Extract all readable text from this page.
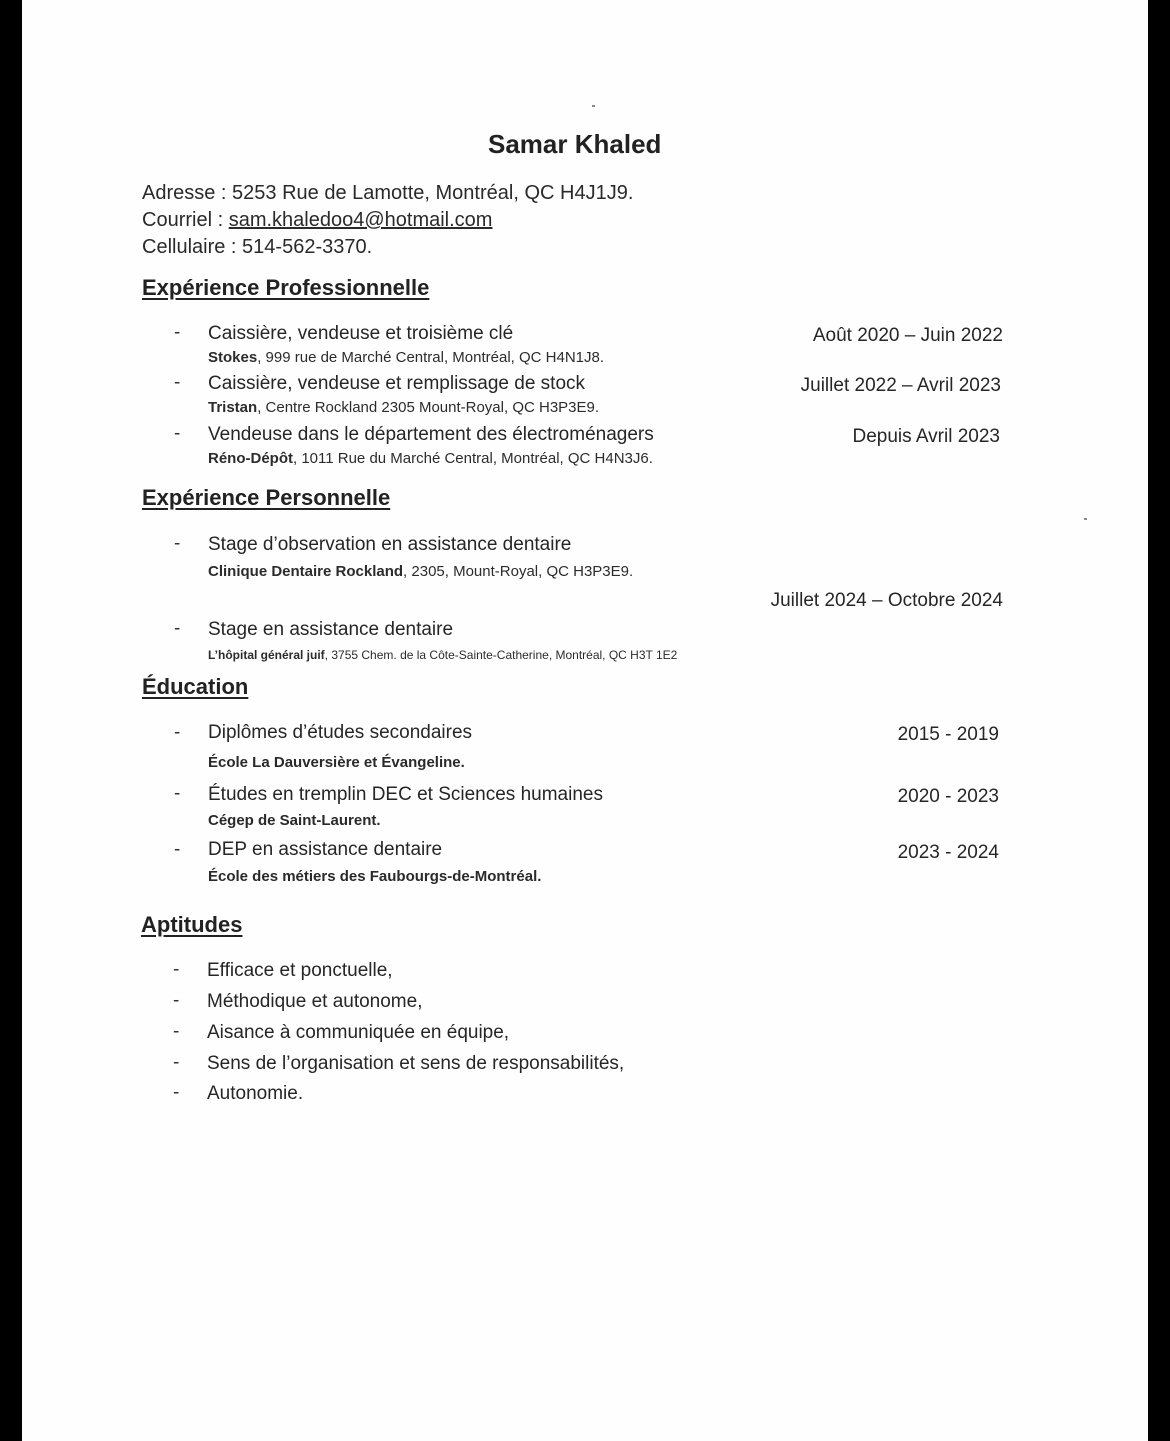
Samar Khaled
Adresse : 5253 Rue de Lamotte, Montréal, QC H4J1J9.
Courriel : sam.khaledoo4@hotmail.com
Cellulaire : 514-562-3370.
Expérience Professionnelle
- Caissière, vendeuse et troisième clé	Août 2020 – Juin 2022
Stokes, 999 rue de Marché Central, Montréal, QC H4N1J8.
- Caissière, vendeuse et remplissage de stock	Juillet 2022 – Avril 2023
Tristan, Centre Rockland 2305 Mount-Royal, QC H3P3E9.
- Vendeuse dans le département des électroménagers	Depuis Avril 2023
Réno-Dépôt, 1011 Rue du Marché Central, Montréal, QC H4N3J6.
Expérience Personnelle
- Stage d’observation en assistance dentaire
Clinique Dentaire Rockland, 2305, Mount-Royal, QC H3P3E9.
Juillet 2024 – Octobre 2024
- Stage en assistance dentaire
L’hôpital général juif, 3755 Chem. de la Côte-Sainte-Catherine, Montréal, QC H3T 1E2
Éducation
- Diplômes d’études secondaires	2015 - 2019
École La Dauversière et Évangeline.
- Études en tremplin DEC et Sciences humaines	2020 - 2023
Cégep de Saint-Laurent.
- DEP en assistance dentaire	2023 - 2024
École des métiers des Faubourgs-de-Montréal.
Aptitudes
- Efficace et ponctuelle,
- Méthodique et autonome,
- Aisance à communiquée en équipe,
- Sens de l’organisation et sens de responsabilités,
- Autonomie.
